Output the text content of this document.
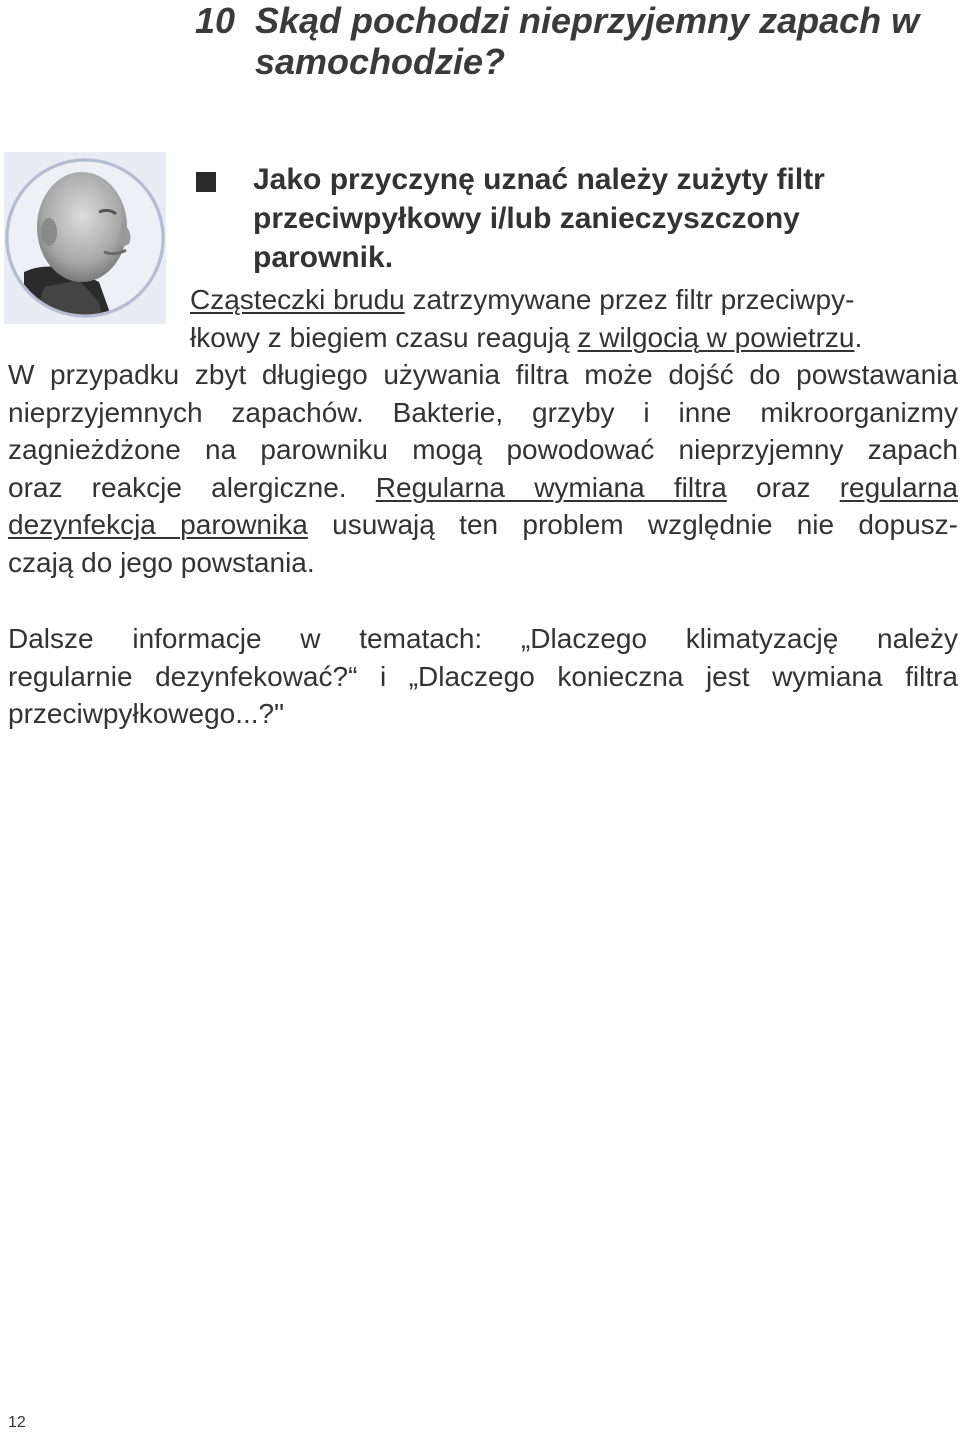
10 Skąd pochodzi nieprzyjemny zapach w
samochodzie?
Jako przyczynę uznać należy zużyty filtr
przeciwpyłkowy i/lub zanieczyszczony parownik.
Cząsteczki brudu zatrzymywane przez filtr przeciwpy-
łkowy z biegiem czasu reagują z wilgocią w powietrzu.
W przypadku zbyt długiego używania filtra może dojść do powstawania
nieprzyjemnych zapachów. Bakterie, grzyby i inne mikroorganizmy
zagnieżdżone na parowniku mogą powodować nieprzyjemny zapach
oraz reakcje alergiczne. Regularna wymiana filtra oraz regularna
dezynfekcja parownika usuwają ten problem względnie nie dopusz-
czają do jego powstania.
Dalsze informacje w tematach: „Dlaczego klimatyzację należy
regularnie dezynfekować?“ i „Dlaczego konieczna jest wymiana filtra
przeciwpyłkowego...?"
12
